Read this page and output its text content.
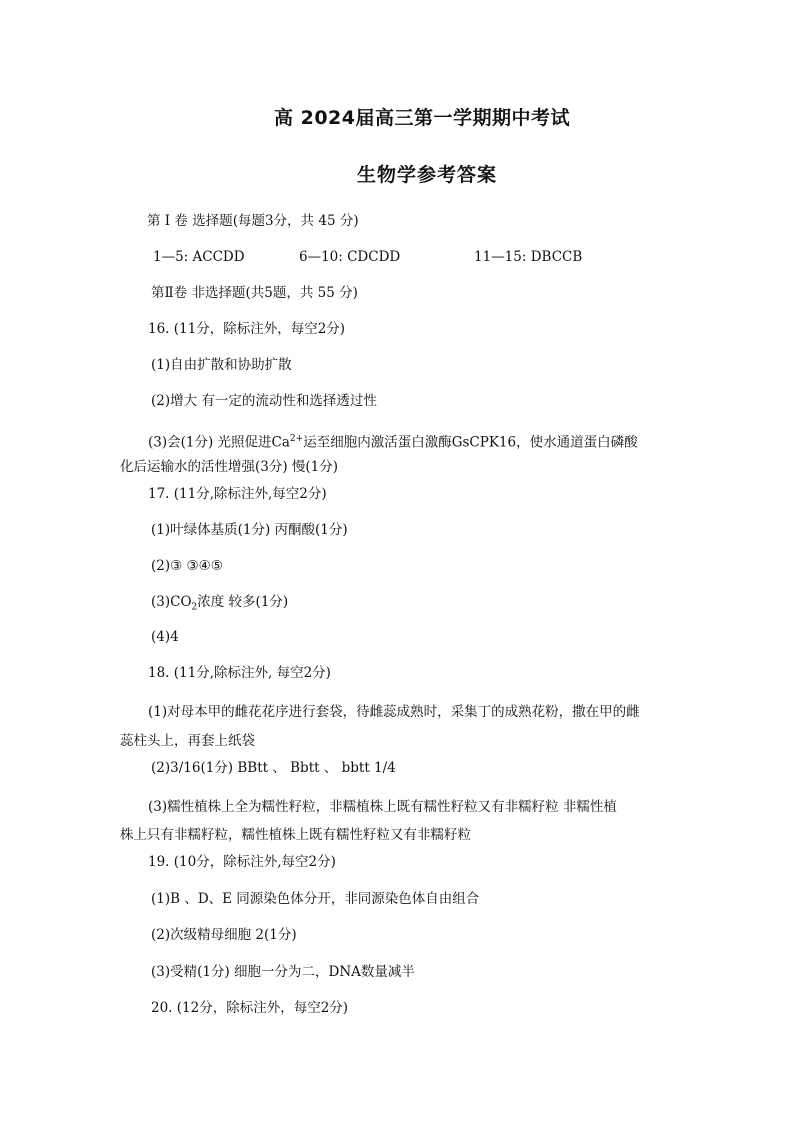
高 2024届高三第一学期期中考试
生物学参考答案
第 Ⅰ 卷 选择题(每题3分，共 45 分)
1—5: ACCDD	6—10: CDCDD	11—15: DBCCB
第Ⅱ卷 非选择题(共5题，共 55 分)
16. (11分，除标注外，每空2分)
(1)自由扩散和协助扩散
(2)增大 有一定的流动性和选择透过性
(3)会(1分) 光照促进$Ca^{2+}$运至细胞内激活蛋白激酶GsCPK16，使水通道蛋白磷酸
化后运输水的活性增强(3分) 慢(1分)
17. (11分,除标注外,每空2分)
(1)叶绿体基质(1分) 丙酮酸(1分)
(2)③ ③④⑤
$(3)CO_2$浓度 较多(1分)
(4)4
18. (11分,除标注外, 每空2分)
(1)对母本甲的雌花花序进行套袋，待雌蕊成熟时，采集丁的成熟花粉，撒在甲的雌
蕊柱头上，再套上纸袋
(2)3/16(1分) BBtt 、 Bbtt 、 bbtt 1/4
(3)糯性植株上全为糯性籽粒，非糯植株上既有糯性籽粒又有非糯籽粒 非糯性植
株上只有非糯籽粒，糯性植株上既有糯性籽粒又有非糯籽粒
19. (10分，除标注外,每空2分)
(1)B 、D、E 同源染色体分开，非同源染色体自由组合
(2)次级精母细胞 2(1分)
(3)受精(1分) 细胞一分为二，DNA数量减半
20. (12分，除标注外，每空2分)
